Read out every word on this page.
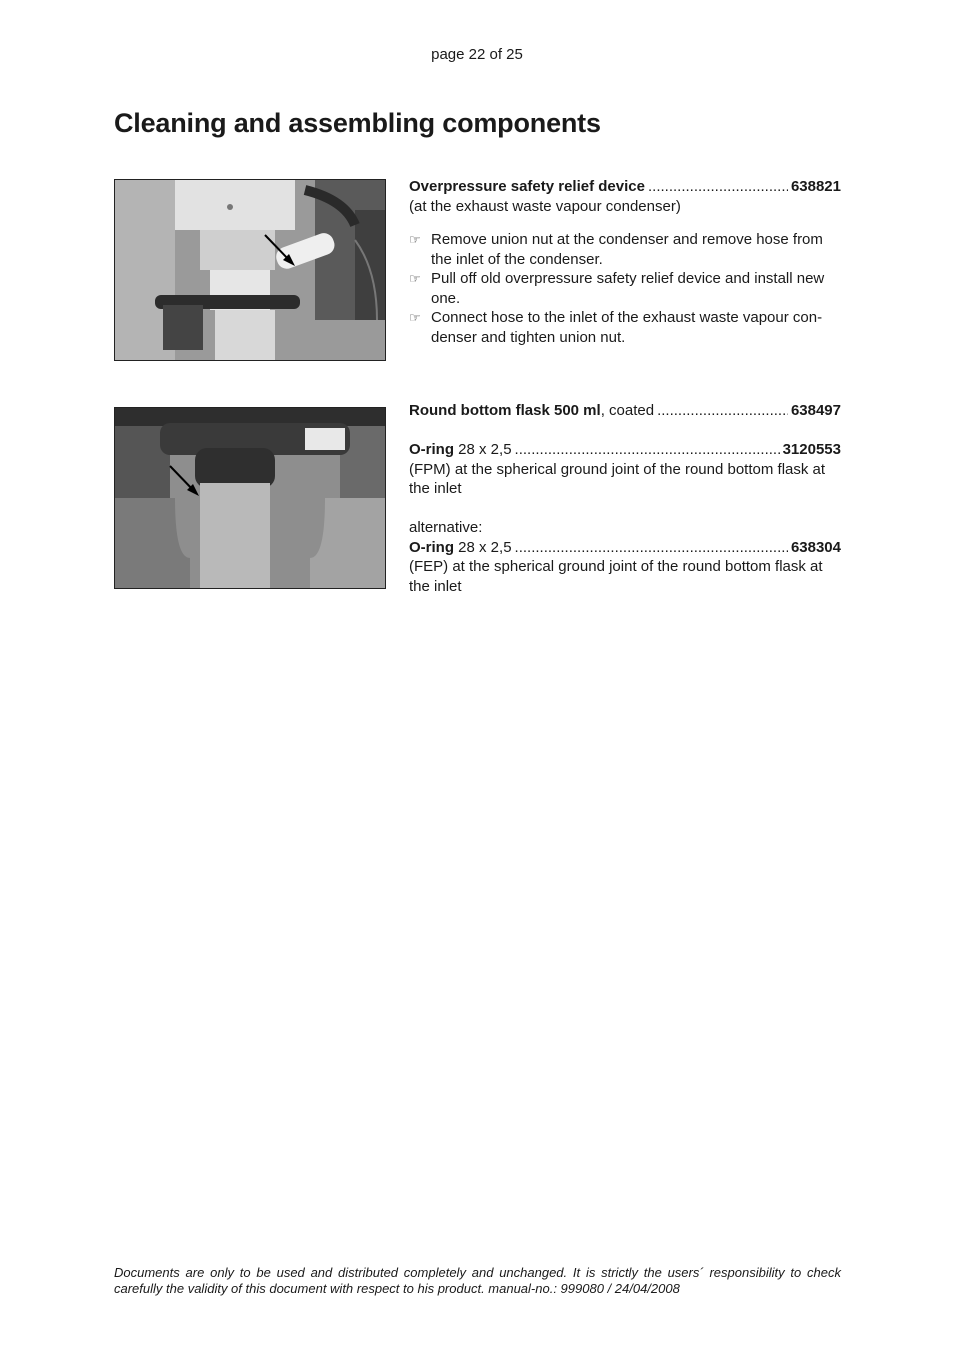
page 22 of 25
Cleaning and assembling components
Overpressure safety relief device .....	638821
(at the exhaust waste vapour condenser)
☞ Remove union nut at the condenser and remove hose from the inlet of the condenser.
☞ Pull off old overpressure safety relief device and install new one.
☞ Connect hose to the inlet of the exhaust waste vapour con-denser and tighten union nut.
Round bottom flask 500 ml, coated .....	638497
O-ring 28 x 2,5 .....	3120553
(FPM) at the spherical ground joint of the round bottom flask at the inlet
alternative:
O-ring 28 x 2,5 .....	638304
(FEP) at the spherical ground joint of the round bottom flask at the inlet
Documents are only to be used and distributed completely and unchanged. It is strictly the users´ responsibility to check carefully the validity of this document with respect to his product. manual-no.: 999080 / 24/04/2008
